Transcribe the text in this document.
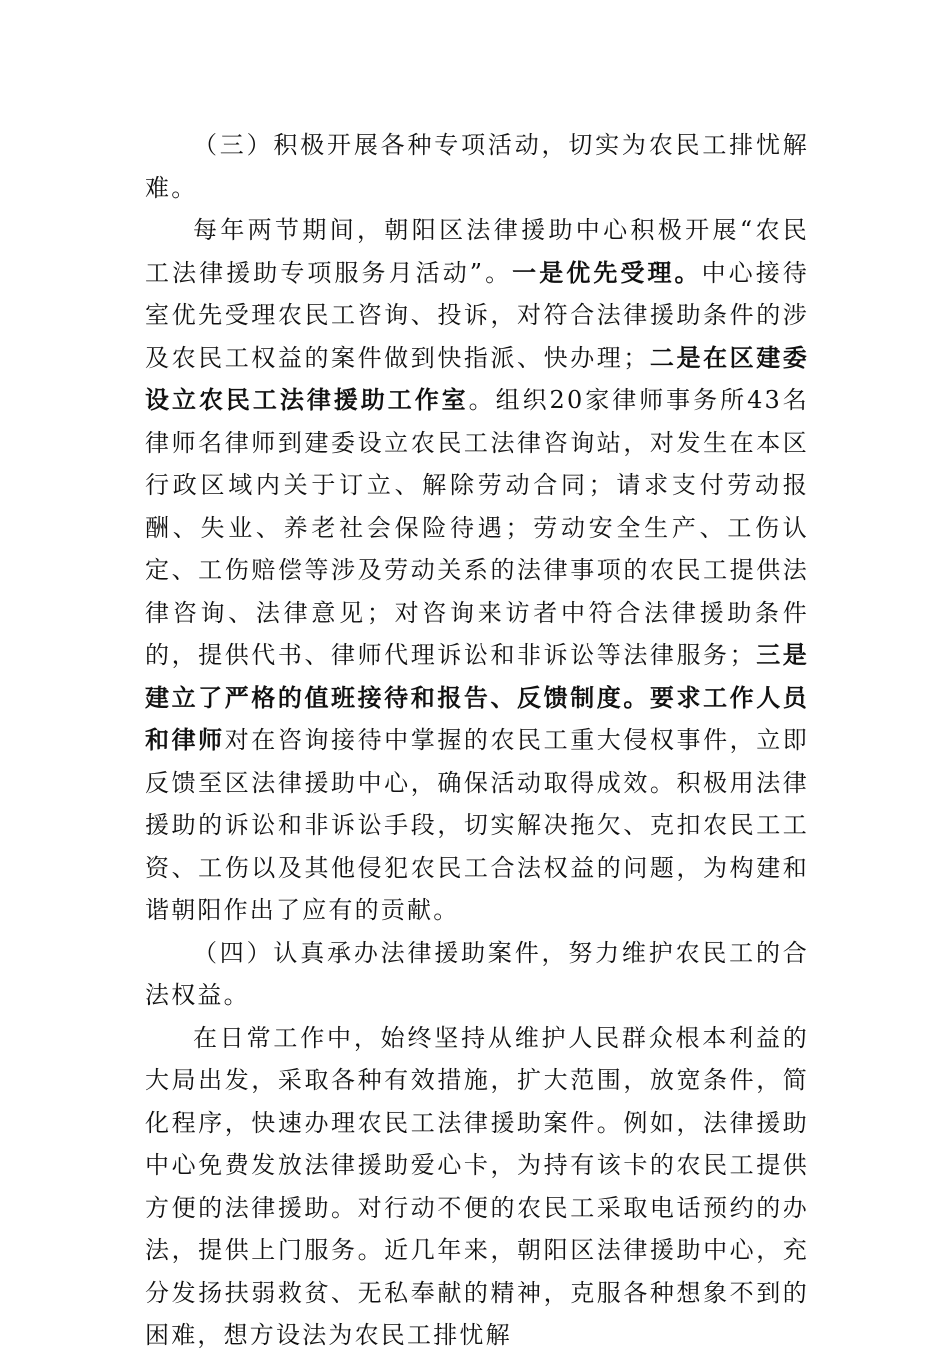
（三）积极开展各种专项活动，切实为农民工排忧解难。

每年两节期间，朝阳区法律援助中心积极开展“农民工法律援助专项服务月活动”。一是优先受理。中心接待室优先受理农民工咨询、投诉，对符合法律援助条件的涉及农民工权益的案件做到快指派、快办理；二是在区建委设立农民工法律援助工作室。组织20家律师事务所43名律师名律师到建委设立农民工法律咨询站，对发生在本区行政区域内关于订立、解除劳动合同；请求支付劳动报酬、失业、养老社会保险待遇；劳动安全生产、工伤认定、工伤赔偿等涉及劳动关系的法律事项的农民工提供法律咨询、法律意见；对咨询来访者中符合法律援助条件的，提供代书、律师代理诉讼和非诉讼等法律服务；三是建立了严格的值班接待和报告、反馈制度。要求工作人员和律师对在咨询接待中掌握的农民工重大侵权事件，立即反馈至区法律援助中心，确保活动取得成效。积极用法律援助的诉讼和非诉讼手段，切实解决拖欠、克扣农民工工资、工伤以及其他侵犯农民工合法权益的问题，为构建和谐朝阳作出了应有的贡献。

（四）认真承办法律援助案件，努力维护农民工的合法权益。

在日常工作中，始终坚持从维护人民群众根本利益的大局出发，采取各种有效措施，扩大范围，放宽条件，简化程序，快速办理农民工法律援助案件。例如，法律援助中心免费发放法律援助爱心卡，为持有该卡的农民工提供方便的法律援助。对行动不便的农民工采取电话预约的办法，提供上门服务。近几年来，朝阳区法律援助中心，充分发扬扶弱救贫、无私奉献的精神，克服各种想象不到的困难，想方设法为农民工排忧解
